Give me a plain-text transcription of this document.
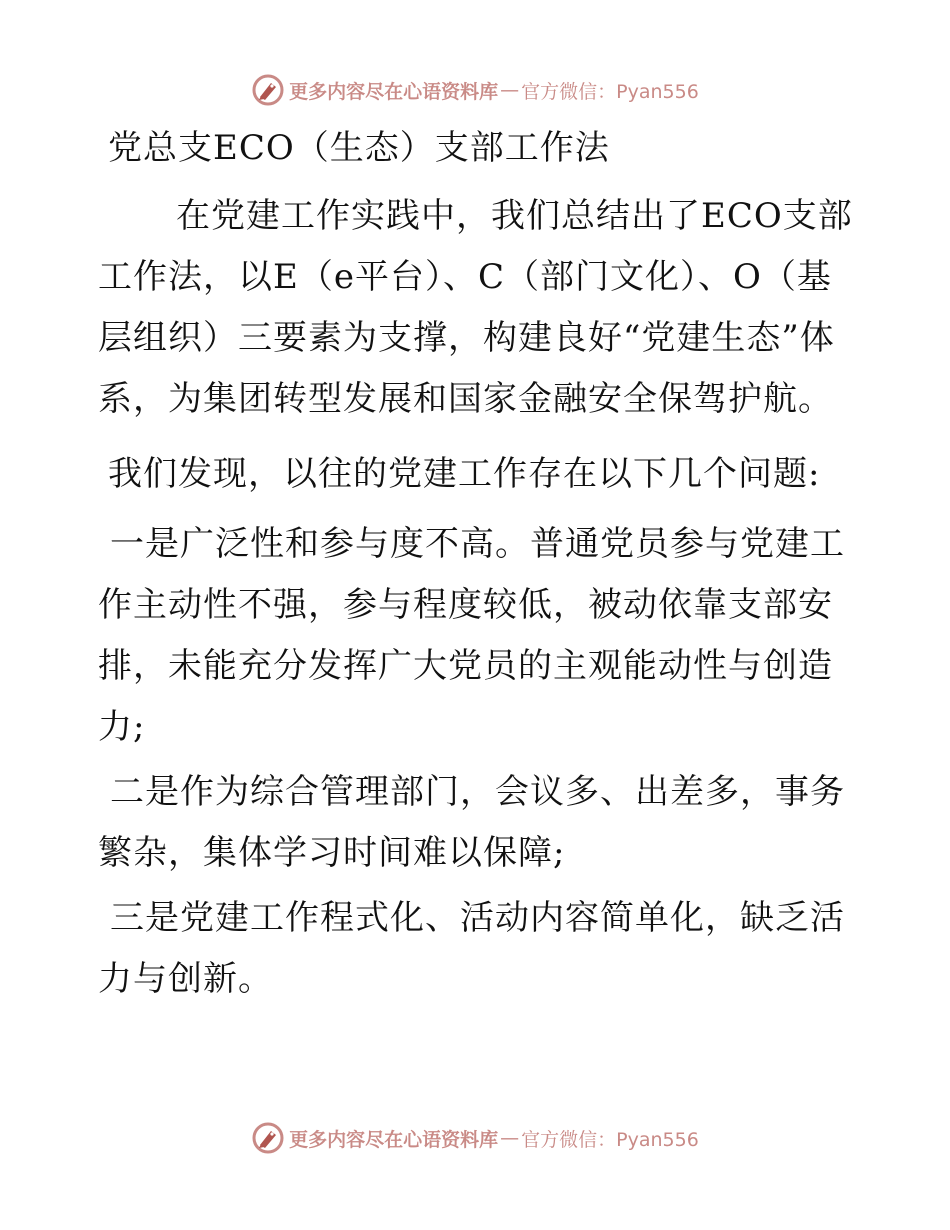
更多内容尽在心语资料库 — 官方微信：Pyan556
党总支ECO（生态）支部工作法

在党建工作实践中，我们总结出了ECO支部工作法，以E（e平台）、C（部门文化）、O（基层组织）三要素为支撑，构建良好“党建生态”体系，为集团转型发展和国家金融安全保驾护航。

我们发现，以往的党建工作存在以下几个问题:

一是广泛性和参与度不高。普通党员参与党建工作主动性不强，参与程度较低，被动依靠支部安排，未能充分发挥广大党员的主观能动性与创造力;

二是作为综合管理部门，会议多、出差多，事务繁杂，集体学习时间难以保障;

三是党建工作程式化、活动内容简单化，缺乏活力与创新。

更多内容尽在心语资料库 — 官方微信：Pyan556
